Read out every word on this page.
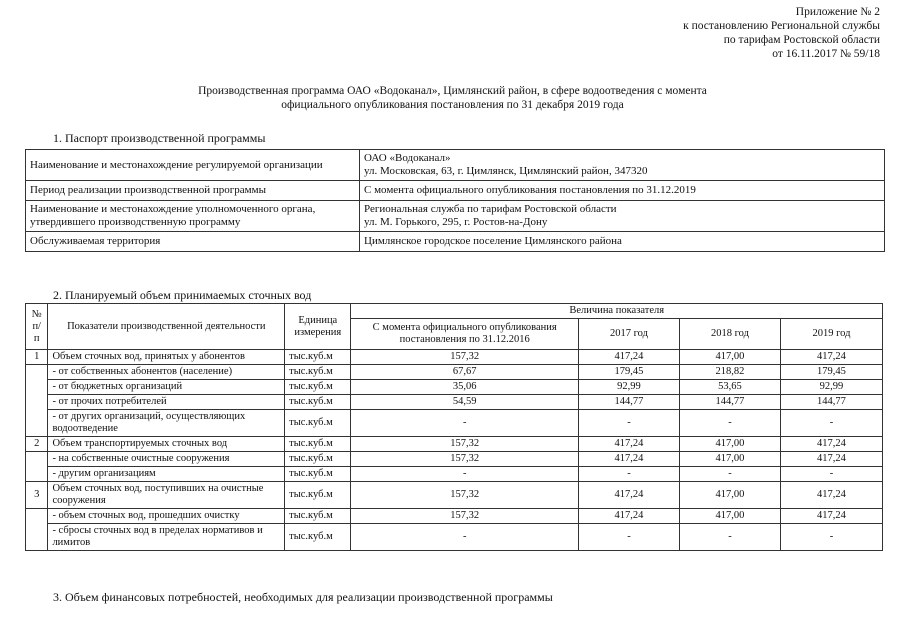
Приложение № 2
к постановлению Региональной службы
по тарифам Ростовской области
от 16.11.2017 № 59/18
Производственная программа ОАО «Водоканал», Цимлянский район, в сфере водоотведения с момента
официального опубликования постановления по 31 декабря 2019 года
1. Паспорт производственной программы
Наименование и местонахождение регулируемой организации	ОАО «Водоканал»
ул. Московская, 63, г. Цимлянск, Цимлянский район, 347320

Период реализации производственной программы	С момента официального опубликования постановления по 31.12.2019
Наименование и местонахождение уполномоченного органа, утвердившего производственную программу	Региональная служба по тарифам Ростовской области
ул. М. Горького, 295, г. Ростов-на-Дону

Обслуживаемая территория	Цимлянское городское поселение Цимлянского района
2. Планируемый объем принимаемых сточных вод
№ п/п	Показатели производственной деятельности	Единица измерения	Величина показателя			
			С момента официального опубликования постановления по 31.12.2016	2017 год	2018 год	2019 год
1	Объем сточных вод, принятых у абонентов	тыс.куб.м	157,32	417,24	417,00	417,24
	- от собственных абонентов (население)	тыс.куб.м	67,67	179,45	218,82	179,45
	- от бюджетных организаций	тыс.куб.м	35,06	92,99	53,65	92,99
	- от прочих потребителей	тыс.куб.м	54,59	144,77	144,77	144,77
	- от других организаций, осуществляющих водоотведение	тыс.куб.м	-	-	-	-
2	Объем транспортируемых сточных вод	тыс.куб.м	157,32	417,24	417,00	417,24
	- на собственные очистные сооружения	тыс.куб.м	157,32	417,24	417,00	417,24
	- другим организациям	тыс.куб.м	-	-	-	-
3	Объем сточных вод, поступивших на очистные сооружения	тыс.куб.м	157,32	417,24	417,00	417,24
	- объем сточных вод, прошедших очистку	тыс.куб.м	157,32	417,24	417,00	417,24
	- сбросы сточных вод в пределах нормативов и лимитов	тыс.куб.м	-	-	-	-
3. Объем финансовых потребностей, необходимых для реализации производственной программы
